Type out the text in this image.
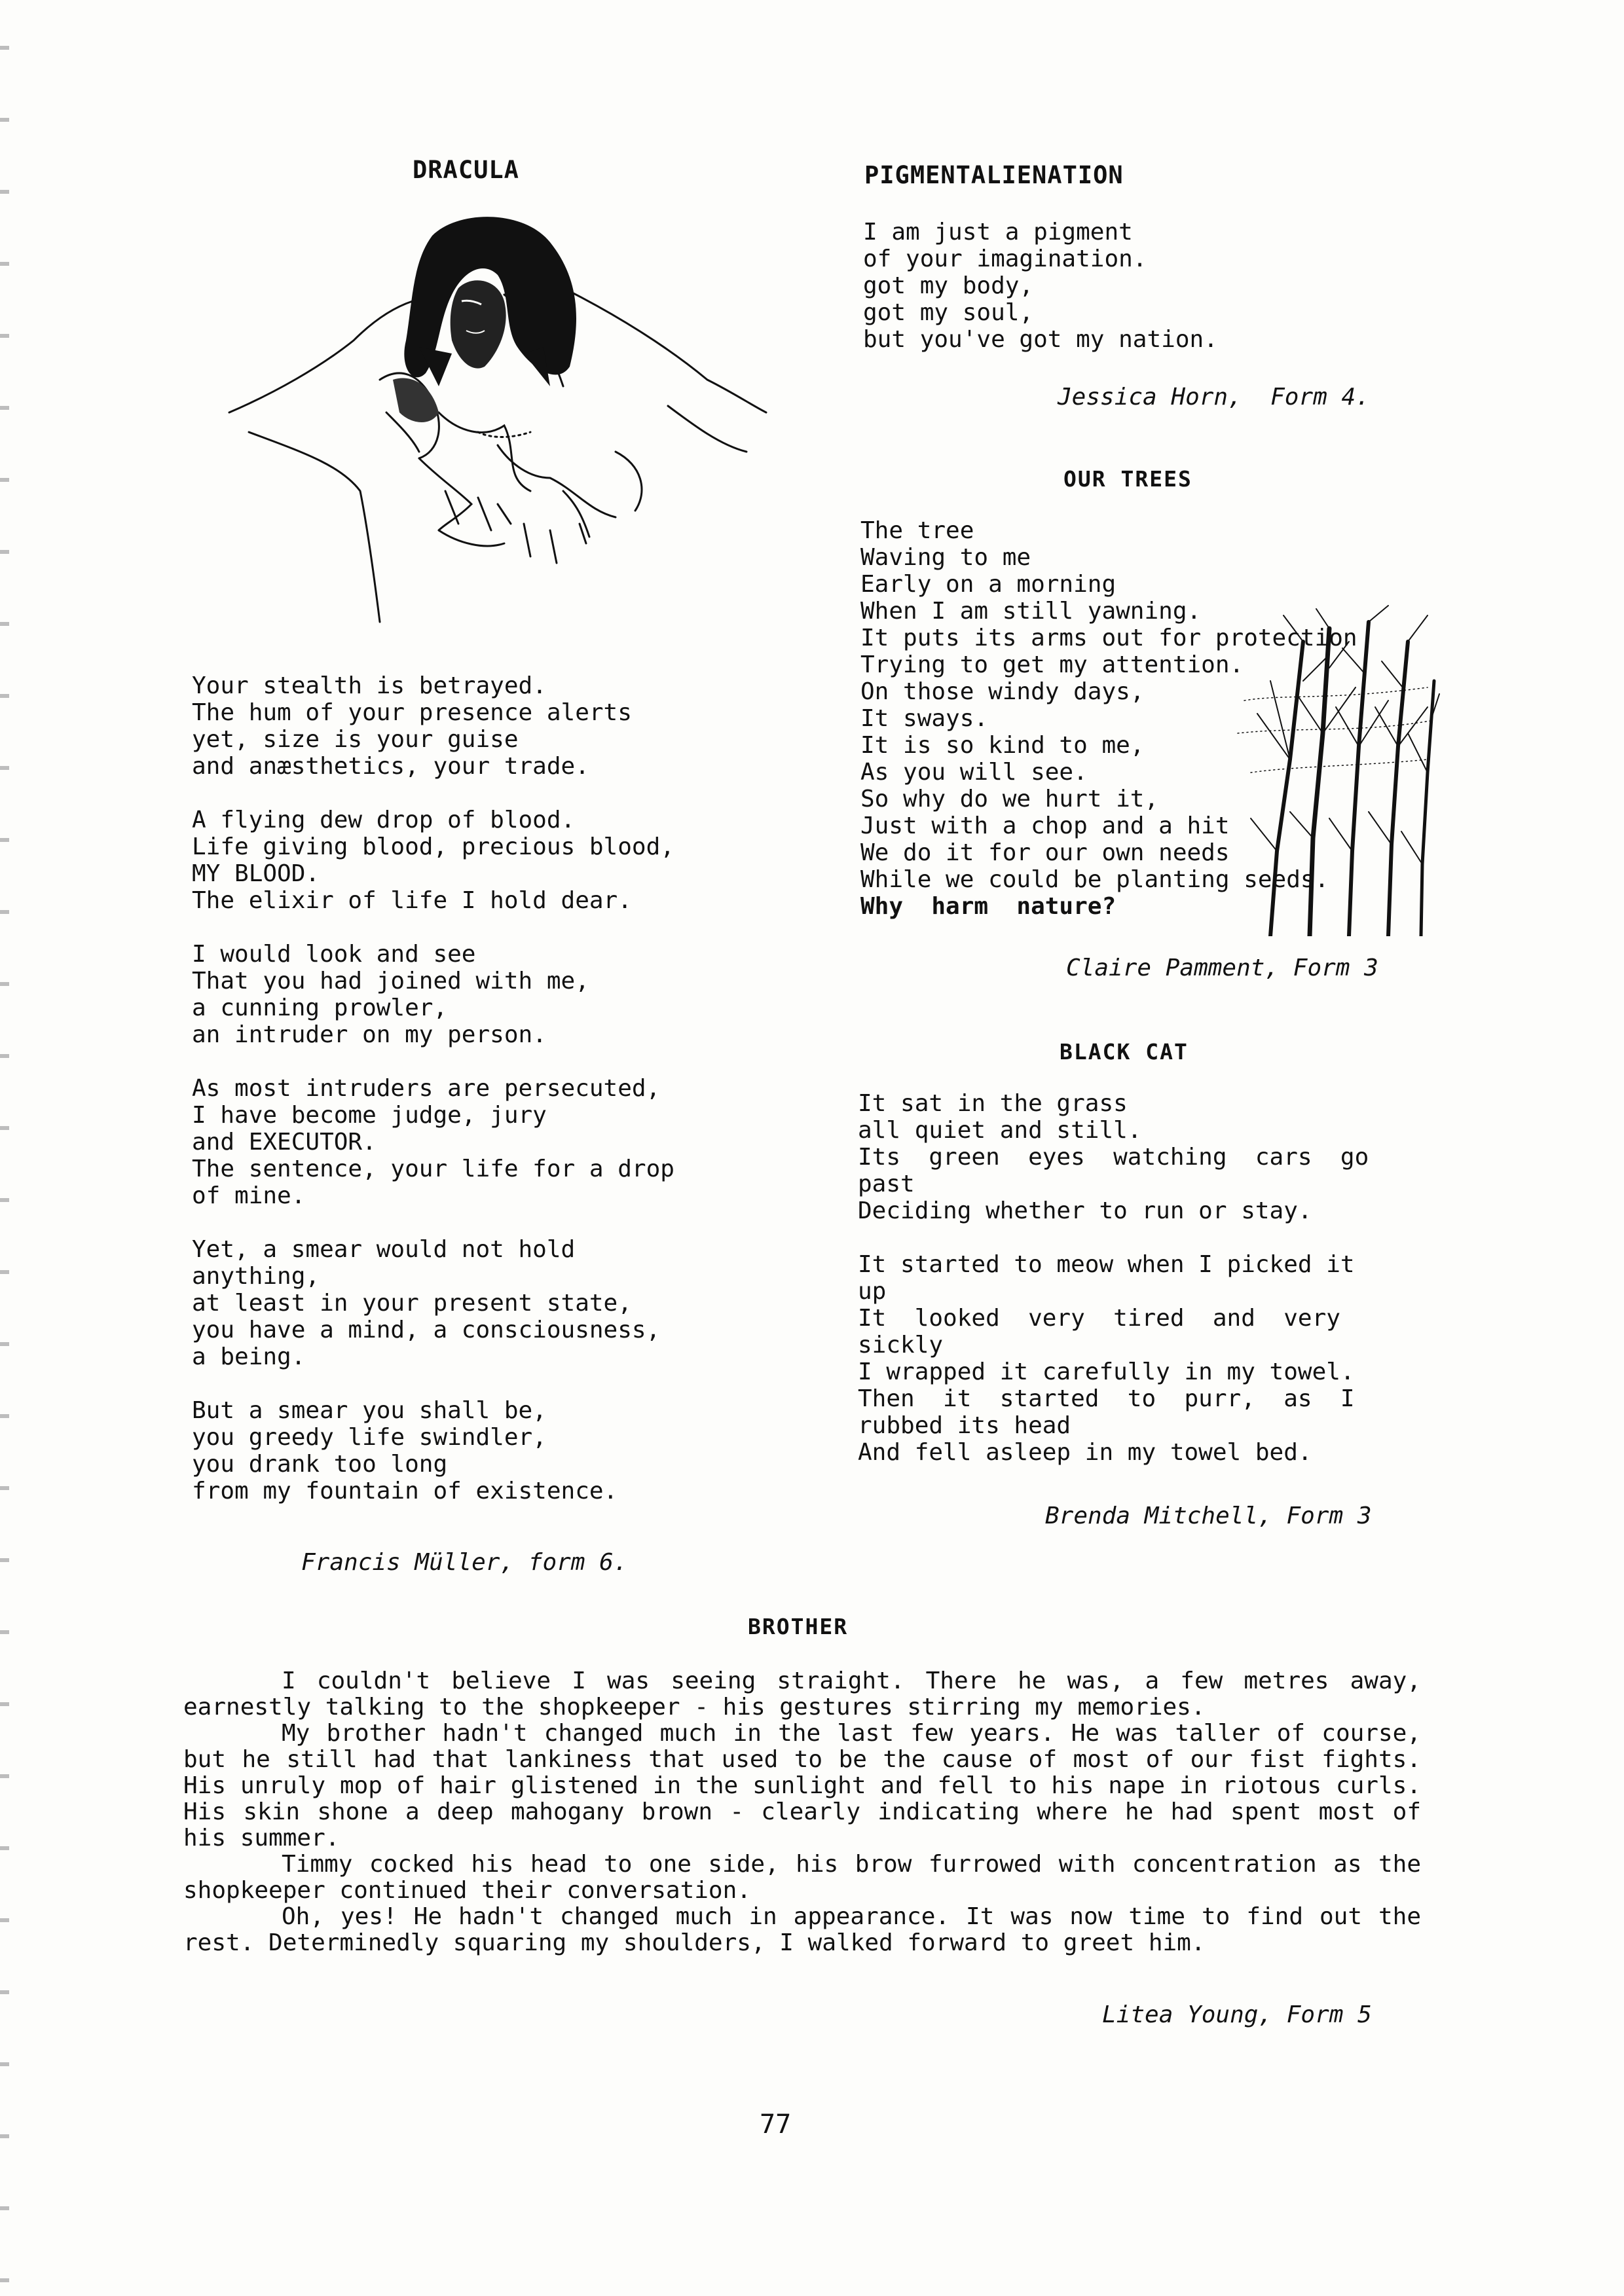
DRACULA
Your stealth is betrayed.
The hum of your presence alerts
yet, size is your guise
and anæsthetics, your trade.
A flying dew drop of blood.
Life giving blood, precious blood,
MY BLOOD.
The elixir of life I hold dear.
I would look and see
That you had joined with me,
a cunning prowler,
an intruder on my person.
As most intruders are persecuted,
I have become judge, jury
and EXECUTOR.
The sentence, your life for a drop
of mine.
Yet, a smear would not hold
anything,
at least in your present state,
you have a mind, a consciousness,
a being.
But a smear you shall be,
you greedy life swindler,
you drank too long
from my fountain of existence.
Francis Müller, form 6.
PIGMENTALIENATION
I am just a pigment
of your imagination.
got my body,
got my soul,
but you've got my nation.
Jessica Horn,  Form 4.
OUR TREES
The tree
Waving to me
Early on a morning
When I am still yawning.
It puts its arms out for protection
Trying to get my attention.
On those windy days,
It sways.
It is so kind to me,
As you will see.
So why do we hurt it,
Just with a chop and a hit
We do it for our own needs
While we could be planting seeds.
Why  harm  nature?
Claire Pamment, Form 3
BLACK CAT
It sat in the grass
all quiet and still.
Its  green  eyes  watching  cars  go
past
Deciding whether to run or stay.
It started to meow when I picked it
up
It  looked  very  tired  and  very
sickly
I wrapped it carefully in my towel.
Then  it  started  to  purr,  as  I
rubbed its head
And fell asleep in my towel bed.
Brenda Mitchell, Form 3
BROTHER

I couldn't believe I was seeing straight. There he was, a few metres away, earnestly talking to the shopkeeper - his gestures stirring my memories.

My brother hadn't changed much in the last few years. He was taller of course, but he still had that lankiness that used to be the cause of most of our fist fights. His unruly mop of hair glistened in the sunlight and fell to his nape in riotous curls. His skin shone a deep mahogany brown - clearly indicating where he had spent most of his summer.

Timmy cocked his head to one side, his brow furrowed with concentration as the shopkeeper continued their conversation.

Oh, yes! He hadn't changed much in appearance. It was now time to find out the rest. Determinedly squaring my shoulders, I walked forward to greet him.

Litea Young, Form 5
77
